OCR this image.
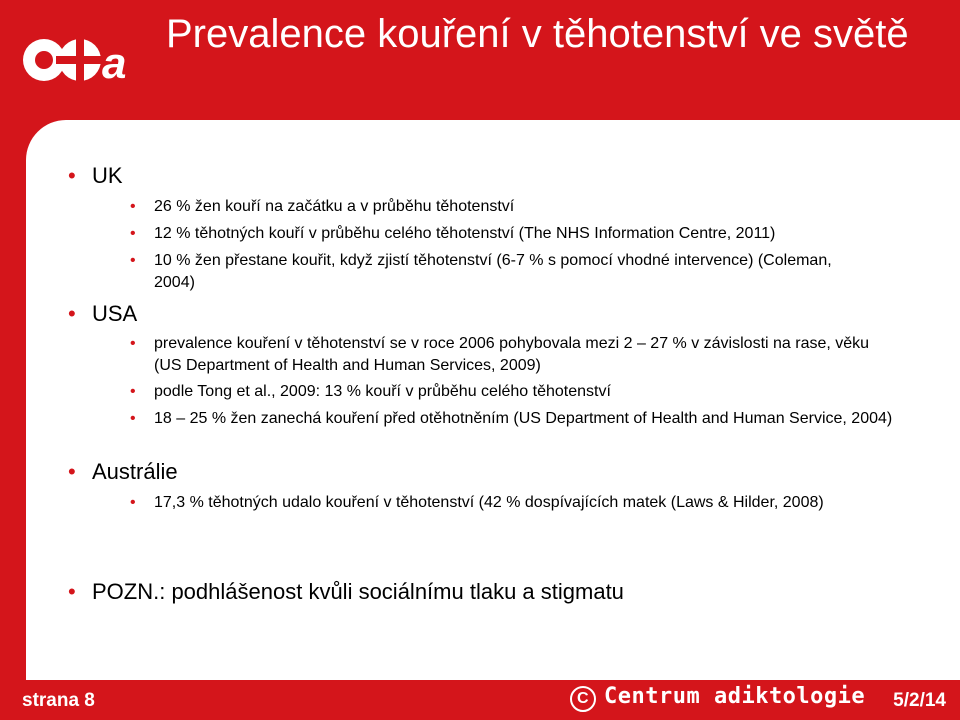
a
Prevalence kouření v těhotenství ve světě
• UK
• 26 % žen kouří na začátku a v průběhu těhotenství
• 12 % těhotných kouří v průběhu celého těhotenství (The NHS Information Centre, 2011)
• 10 % žen přestane kouřit, když zjistí těhotenství (6-7 % s pomocí vhodné intervence) (Coleman, 2004)
• USA
• prevalence kouření v těhotenství se v roce 2006 pohybovala mezi 2 – 27 % v závislosti na rase, věku (US Department of Health and Human Services, 2009)
• podle Tong et al., 2009: 13 % kouří v průběhu celého těhotenství
• 18 – 25 % žen zanechá kouření před otěhotněním (US Department of Health and Human Service, 2004)
• Austrálie
• 17,3 % těhotných udalo kouření v těhotenství (42 % dospívajících matek (Laws & Hilder, 2008)
• POZN.: podhlášenost kvůli sociálnímu tlaku a stigmatu
strana 8	C Centrum adiktologie 5/2/14
